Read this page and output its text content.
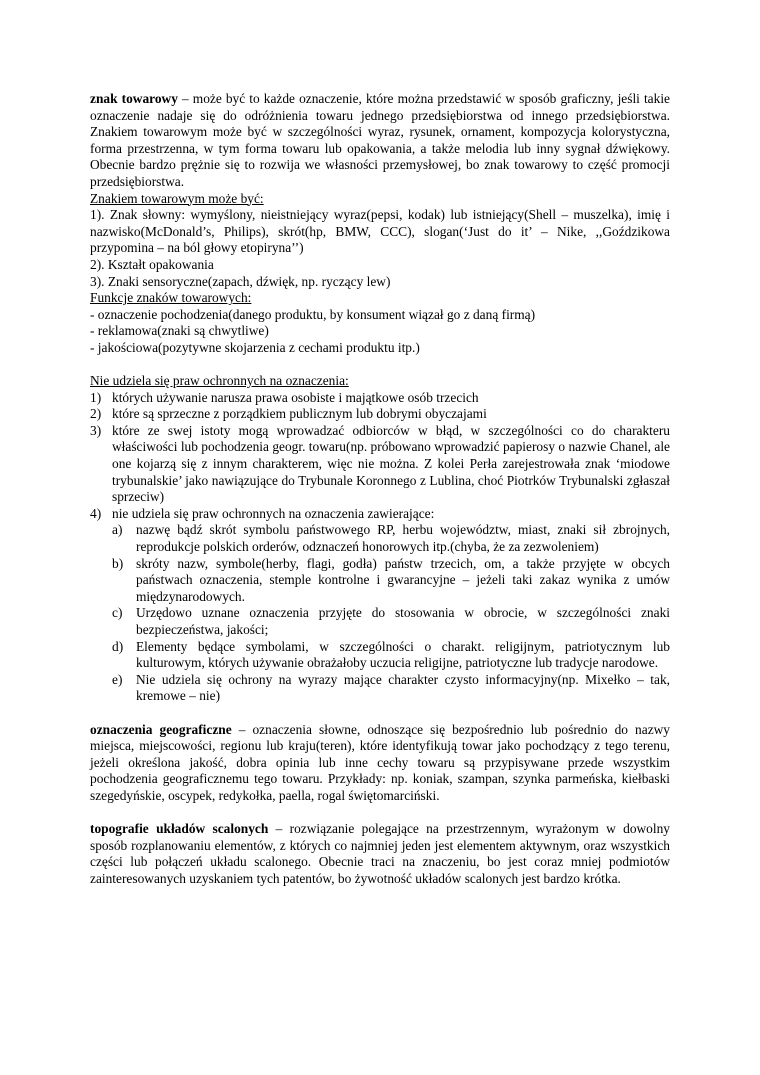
znak towarowy – może być to każde oznaczenie, które można przedstawić w sposób graficzny, jeśli takie oznaczenie nadaje się do odróżnienia towaru jednego przedsiębiorstwa od innego przedsiębiorstwa. Znakiem towarowym może być w szczególności wyraz, rysunek, ornament, kompozycja kolorystyczna, forma przestrzenna, w tym forma towaru lub opakowania, a także melodia lub inny sygnał dźwiękowy. Obecnie bardzo prężnie się to rozwija we własności przemysłowej, bo znak towarowy to część promocji przedsiębiorstwa.

Znakiem towarowym może być:

1). Znak słowny: wymyślony, nieistniejący wyraz(pepsi, kodak) lub istniejący(Shell – muszelka), imię i nazwisko(McDonald’s, Philips), skrót(hp, BMW, CCC), slogan(‘Just do it’ – Nike, ,,Goździkowa przypomina – na ból głowy etopiryna’’)

2). Kształt opakowania

3). Znaki sensoryczne(zapach, dźwięk, np. ryczący lew)

Funkcje znaków towarowych:

- oznaczenie pochodzenia(danego produktu, by konsument wiązał go z daną firmą)

- reklamowa(znaki są chwytliwe)

- jakościowa(pozytywne skojarzenia z cechami produktu itp.)

Nie udziela się praw ochronnych na oznaczenia:

1) których używanie narusza prawa osobiste i majątkowe osób trzecich
2) które są sprzeczne z porządkiem publicznym lub dobrymi obyczajami
3) które ze swej istoty mogą wprowadzać odbiorców w błąd, w szczególności co do charakteru właściwości lub pochodzenia geogr. towaru(np. próbowano wprowadzić papierosy o nazwie Chanel, ale one kojarzą się z innym charakterem, więc nie można. Z kolei Perła zarejestrowała znak ‘miodowe trybunalskie’ jako nawiązujące do Trybunale Koronnego z Lublina, choć Piotrków Trybunalski zgłaszał sprzeciw)
4) nie udziela się praw ochronnych na oznaczenia zawierające:
a) nazwę bądź skrót symbolu państwowego RP, herbu województw, miast, znaki sił zbrojnych, reprodukcje polskich orderów, odznaczeń honorowych itp.(chyba, że za zezwoleniem)
b) skróty nazw, symbole(herby, flagi, godła) państw trzecich, om, a także przyjęte w obcych państwach oznaczenia, stemple kontrolne i gwarancyjne – jeżeli taki zakaz wynika z umów międzynarodowych.
c) Urzędowo uznane oznaczenia przyjęte do stosowania w obrocie, w szczególności znaki bezpieczeństwa, jakości;
d) Elementy będące symbolami, w szczególności o charakt. religijnym, patriotycznym lub kulturowym, których używanie obrażałoby uczucia religijne, patriotyczne lub tradycje narodowe.
e) Nie udziela się ochrony na wyrazy mające charakter czysto informacyjny(np. Mixełko – tak, kremowe – nie)

oznaczenia geograficzne – oznaczenia słowne, odnoszące się bezpośrednio lub pośrednio do nazwy miejsca, miejscowości, regionu lub kraju(teren), które identyfikują towar jako pochodzący z tego terenu, jeżeli określona jakość, dobra opinia lub inne cechy towaru są przypisywane przede wszystkim pochodzenia geograficznemu tego towaru. Przykłady: np. koniak, szampan, szynka parmeńska, kiełbaski szegedyńskie, oscypek, redykołka, paella, rogal świętomarciński.

topografie układów scalonych – rozwiązanie polegające na przestrzennym, wyrażonym w dowolny sposób rozplanowaniu elementów, z których co najmniej jeden jest elementem aktywnym, oraz wszystkich części lub połączeń układu scalonego. Obecnie traci na znaczeniu, bo jest coraz mniej podmiotów zainteresowanych uzyskaniem tych patentów, bo żywotność układów scalonych jest bardzo krótka.
